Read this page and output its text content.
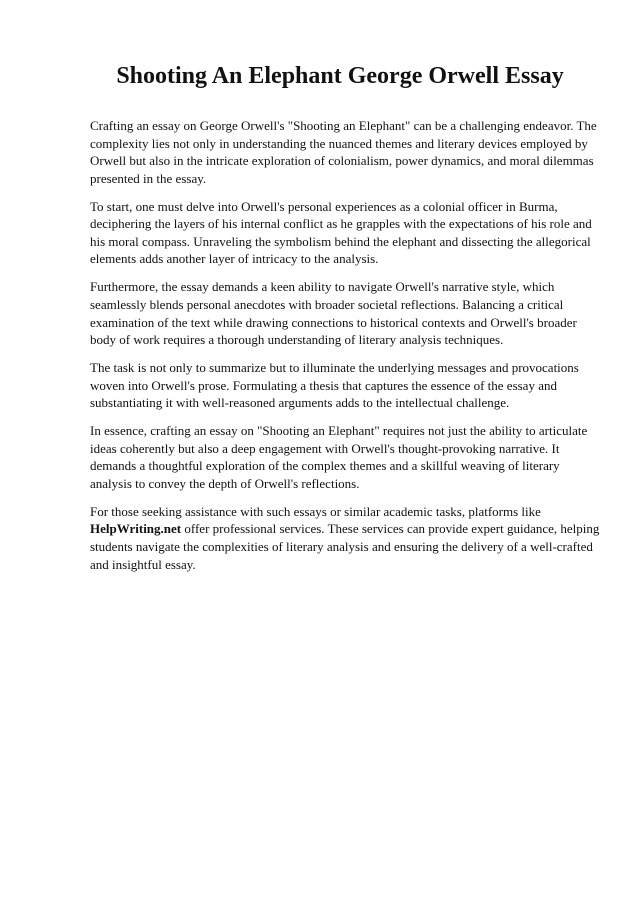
Shooting An Elephant George Orwell Essay

Crafting an essay on George Orwell's "Shooting an Elephant" can be a challenging endeavor. The complexity lies not only in understanding the nuanced themes and literary devices employed by Orwell but also in the intricate exploration of colonialism, power dynamics, and moral dilemmas presented in the essay.

To start, one must delve into Orwell's personal experiences as a colonial officer in Burma, deciphering the layers of his internal conflict as he grapples with the expectations of his role and his moral compass. Unraveling the symbolism behind the elephant and dissecting the allegorical elements adds another layer of intricacy to the analysis.

Furthermore, the essay demands a keen ability to navigate Orwell's narrative style, which seamlessly blends personal anecdotes with broader societal reflections. Balancing a critical examination of the text while drawing connections to historical contexts and Orwell's broader body of work requires a thorough understanding of literary analysis techniques.

The task is not only to summarize but to illuminate the underlying messages and provocations woven into Orwell's prose. Formulating a thesis that captures the essence of the essay and substantiating it with well-reasoned arguments adds to the intellectual challenge.

In essence, crafting an essay on "Shooting an Elephant" requires not just the ability to articulate ideas coherently but also a deep engagement with Orwell's thought-provoking narrative. It demands a thoughtful exploration of the complex themes and a skillful weaving of literary analysis to convey the depth of Orwell's reflections.

For those seeking assistance with such essays or similar academic tasks, platforms like HelpWriting.net offer professional services. These services can provide expert guidance, helping students navigate the complexities of literary analysis and ensuring the delivery of a well-crafted and insightful essay.
